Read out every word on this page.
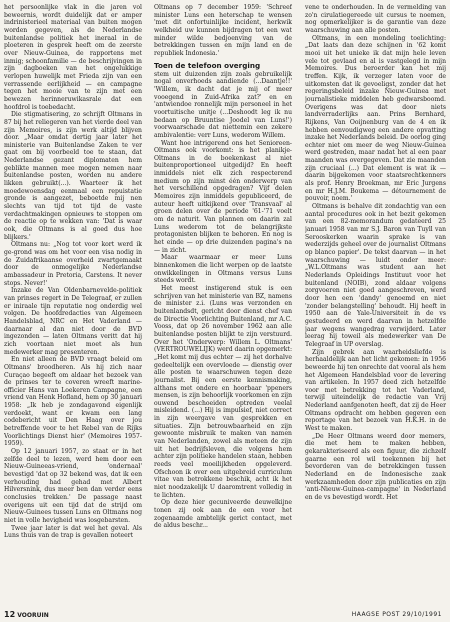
het persoonlijke vlak in die jaren vol beweernis, wordt duidelijk dat er amper indrinisterieel materiaal van buiten mogen worden gegeven, als de Nederlandse buitenlandse politiek het ineraal in de ploeteren in gesprek heeft om de zeerste over Nieuw-Guinea, de rapportens met inmig; schoonfamilie — de beschrijvingen in zijn dagboeken van het ongelukkige verlopen huwelijk met Frieda zijn van een verrassende eerlijkheid — en campagne tegen het mooie van te zijn met een bewezen herinneruwikasrale dat een hoofdrol is toebedacht.

Die stigmatisering, zo schrijft Oltmans in 87 bij het reliegeren van het vierde deel van zijn Memoires, is zijn werk altijd blijven door. „Maar omdat dertig jaar later het ministerie van Buitenlandse Zaken te ver gaat om bij voorbeeld toe te staan, dat Nederlandse gezant diplomaten hem geblikte mannen mee mogen nemen naar buitenlandse posten, worden nu andere likken gebruikt(...). Waarteer ik het moedewoensdag eenmaal een repuistatie gronde is aangezet, beboetde mij nen slechts van tijd tot tijd de vaste verdachtmakingen opnieuws te stoppen om de reactie op te wekken van: 'Dat is waar ook, die Oltmans is al goed dus hoe blijkers.'

Oltmans nu: „Nog tot voor kort werd ik ge-grond was om het voor een visa nodig in de Zuidafrikaanse overheid zwartgemaakt door de onmogelijke Nederlandse ambassadeur in Pretoria, Carstens. It never stops. Never!'

Inzake de Van Oldenbarnevelde-politiek van prinses regert in De Telegraaf, er zullen er iniraale tijn reputatie nog onderdig wel volgen. De hoofdredacties van Algemeen Handelsblad, NRC en Het Vaderland — daarnaar al dan niet door de BVD ingezonden — laten Oltmans veritt dat hij zich voortaan niet moet als hun medewerker mag presenteren.

En niet alleen de BVD vraagt beleid om Oltmans' broodheren. Als hij zich naar Curaçao begeeft om aldaar het bezoek van de prinses ter te coveren wreeft marine-officier Hans van Loekeren Campagne, een vriend van Henk Hofland, hem op 30 januari 1958: „Ik heb je zondagavond eigenlijk verdoekt, want er kwam een lang codebericht uit Den Haag over jou betreffende voor te het Rebel van de Rijks Voorlichtings Dienst hier' (Memoires 1957-1959).

Op 12 januari 1957, zo staat er in het zelfde deel te lezen, werd hem door een Nieuw-Guineeas-vriend, 'ondernaal' bevestigd 'dat op 32 bekend was, dat ik een verhouding had gehad met Albert Hilversnink, dus meer ben dan verder eens conclusies trekken.' De passage naast overigens uit een tijd dat de strijd om Nieuw-Guinees tussen Luns en Oltmans nog niet in volle hevigheid was losgebarsten.

Twee jaar later is dat wel het geval. Als Luns thuis van de trap is gevallen noteert

Oltmans op 7 december 1959: 'Schreef minister Luns een heterschap te wensen 'met dit onfortuinlijke incident, herkwik welkheid uw kunnen bijdragen tot een wat minder wilde bedjoenving van de betrekkingen tussen en mijn land en de republiek Indonesia.'

Toen de telefoon overging

stem uit duizenden zijn zoals gebruikelijk nogal onverhoeds aandiende (...Daantje!!' 'Willem, ik dacht dat je mij of meer vooegend in Zuid-Afrika zat?' en en 'antwiendoe ronnelijk mijn personeel in het voortuitische unitje (...Deshoodt leg ik nu bedaan op Bruuntise Joodel van Luns!') voorwaarschade dat niettemin een zekere ambivalentie: verr Luns, wederom Willem.

Want hoe intrigerend ons het Senioreen-Oltmans ook voorkomt: is het planikje-Oltmans in de boekenkast al niet buitenproportioneel uitgedijd? En heeft inmiddels niet elk zich respecterend medium op zijn minst één onderwerp van het verschillend opgedragen? Vijf delen Memoires zijn inmiddels gepubliceerd, de auteur heeft uitkijkend over 'Transvaal' al groen delen over de periode '61-'71 voelt om de naturit. Van plannen om daarin zal Luns wederom tot de belangrijkste protagonisten blijken te behoren. En nog is het einde — op drie duizenden pagina's na — in zicht.

Maar waarmaar er meer Luns binnenkomen die licht werpen op de laatste onwikkelingen in Oltmans versus Luns steeds wordt.

Het meest instigerend stuk is een schrijven van het ministerie van BZ, namens de minister z.i. (Luns was verzonden en buitenlandsdt, gericht door dienst chef van de Directie Voorlichting Buitenland, mr A.C. Vooss, dat op 26 november 1962 aan alle buitenlandse posten blijkt te zijn verstuurd. Over het 'Onderwerp: Willem L. Oltmans' (VERTROUWELIJK) werd daarin opgemerkt: „Het komt mij dus echter — zij het dorhalve gedeeltelijk een overvloede — dienstig over alle posten te waarschuwen tegen deze journalist. Bij een eerste kennismaking, althans met ondere en hoorbaar 'ppeners mensen, is zijn behoorlijk voorkomen en zijn ouwend beschoeiden optreden veelal misleidend. (...) Hij is impulsief, niet correct in zijn weergave van gesprekken en situaties. Zijn betrouwbaarheid en zijn gewoonte misbruik te maken van namen van Nederlanden, zowel als meteen de zijn uit het bedrijfsleven, die volgens hem achter zijn politieke handelen staan, hebben reeds veel moeilijkheden opgeleverd. Ofschoon ik over een uitgebreid curriculum vitae van betrokkene beschik, acht ik het niet noodzakelijk U daaromtrent volledig in te lichten.

Op deze hier gecuniveerde deuwelkijne tonen zij ook aan de een voor het zogenaamde ambtelijk gerict contact, met de aldus beschr...

vene te onderhouden. In de vermelding van zo'n cirulatiegereede uit cursus te noemen, nog opmerkelijker is de garantie van deze waarschuwing aan alle posten.

Oltmans, in een mondeling toelichting: „Dat laats dan deze schijnen in '62 komt mooi uit het unieke ik dat mijn hele leven vele tot gevlaad en al is vastgelegd in mijn Memoires. Dus beroerder kan het mij treffen. Kijk, ik verzeger laten voor de uitkomsten dat ik gevoeligst, zonder dat het regeringsbeleid inzake Nieuw-Guinea met journalistieke middelen heb gedwarsboomd. Overigens was dat door niets landverraderlijks aan. Prins Bernhard, Rijkens, Van Ooijnenburg van de 4 en ik hebben eenvoudigweg een andere opvatting inzake het Nederlands beleid. De oorlog ging echter niet om meer de weg Nieuw-Guinea werd gestreden, maar nadat het al een paar maanden was overgegeven. Dat zie maanden zijn cruciaal (...) Dat element is wat ik — daarin bijgekomen voor staatsrechtkenners als prof. Henry Broekman, mr Eric Jurgens en mr H.J.M. Boukema — détournement de pouvoir, noem.'

Oltmans is behalve dit zondachtig van een aantal procedures ook in het bezit gekomen van een 82-memorandum gedateerd 25 januari 1958 van mr S.J. Baron van Tuyll van Serooskerken waarin sprake is van wederzijds geheel over de journalist Oltmans op blanco papier'. De tekst daarvan — in het waarschuwing — luidt onder meer: „W.L.Oltmans was student aan het Nederlands Opleidings Instituut voor het buitenland (NOIB), zond aldaar volgens zorgvoeren niet goed aangeschreven, werd door hen een 'dandy' genoemd en niet 'zonder belangstelling' behoudt. Hij heeft in 1950 aan de Yale-Universiteit in de vs gestudeerd en werd daarvan in hetzelfde jaar wegens wangedrag verwijderd. Later leerag hij toweil als medewerker van De Telegraaf in UP overslag.

Zijn gebrek aan waarheidsliefde is herhaaldelijk aan het licht gekomen: in 1956 beweerde hij ten onrechte dat vooral als hem het Algemeen Handelsblad voor de levering van artikelen. In 1957 deed zich hetzelfde voor met betrekking tot het Vaderland, terwijl uiteindelijk de redactie van Vrij Nederland aanfgenoten heeft, dat zij de Heer Oltmans opdracht om hebben gegeven een reportage van het bezoek van H.K.H. in de West te maken.

„De Heer Oltmans weerd door memers, die met hem te maken hebben, gekarakteriseerd als een figuur, die zichzelf gaarne een rol wil toekennen bij het bevorderen van de betrekkingen tussen Nederland en de Indonesische zaak werkzaamheden door zijn publicaties en zijn 'anti-Nieuw-Guinea-campagne' in Nederland en de vs bevestigd wordt. Het

12 VOORUIN	HAAGSE POST 29/10/1991
